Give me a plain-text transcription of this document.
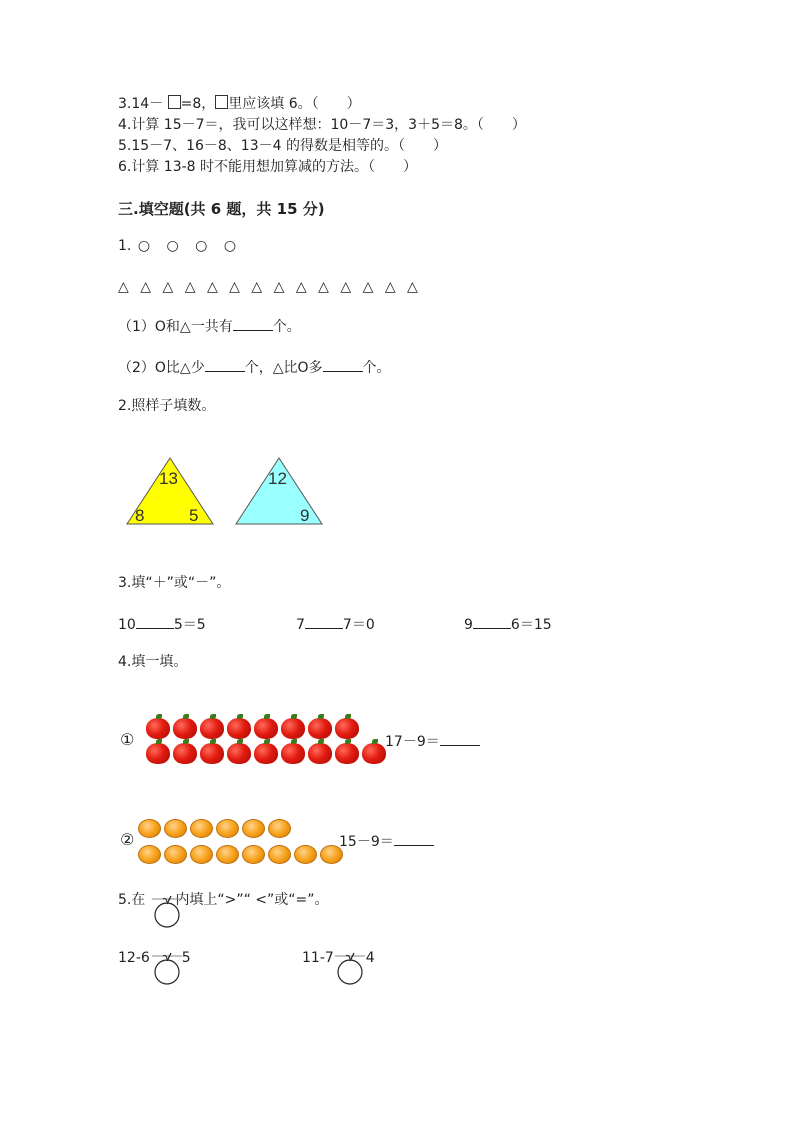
3.14－ =8， 里应该填 6。（　　）
4.计算 15－7＝，我可以这样想：10－7＝3，3＋5＝8。（　　）
5.15－7、16－8、13－4 的得数是相等的。（　　）
6.计算 13-8 时不能用想加算减的方法。（　　）
三.填空题(共 6 题，共 15 分)
1. ○ ○ ○ ○
△ △ △ △ △ △ △ △ △ △ △ △ △ △
（1）O和△一共有	个。
（2）O比△少	个，△比O多	个。
2.照样子填数。
13
8	5
12
9
3.填“＋”或“－”。
10	5＝5	7	7＝0	9	6＝15
4.填一填。
①	17－9＝
②	15－9＝
5.在 内填上“>”“ <”或“=”。
12-6 5	11-7 4
